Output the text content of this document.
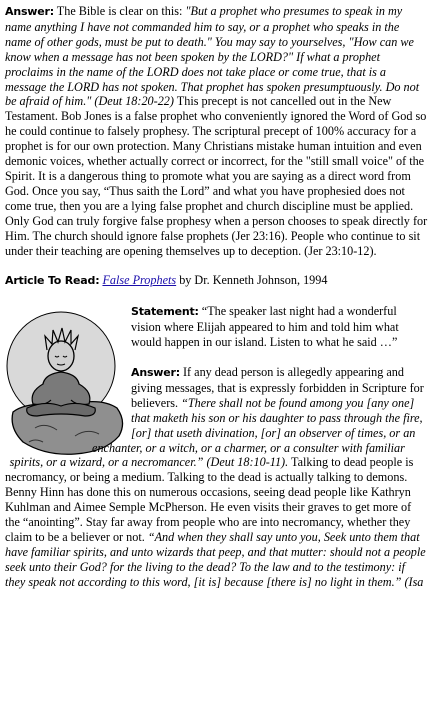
Answer: The Bible is clear on this: "But a prophet who presumes to speak in my name anything I have not commanded him to say, or a prophet who speaks in the name of other gods, must be put to death." You may say to yourselves, "How can we know when a message has not been spoken by the LORD?" If what a prophet proclaims in the name of the LORD does not take place or come true, that is a message the LORD has not spoken. That prophet has spoken presumptuously. Do not be afraid of him." (Deut 18:20-22) This precept is not cancelled out in the New Testament. Bob Jones is a false prophet who conveniently ignored the Word of God so he could continue to falsely prophesy. The scriptural precept of 100% accuracy for a prophet is for our own protection. Many Christians mistake human intuition and even demonic voices, whether actually correct or incorrect, for the "still small voice" of the Spirit. It is a dangerous thing to promote what you are saying as a direct word from God. Once you say, “Thus saith the Lord” and what you have prophesied does not come true, then you are a lying false prophet and church discipline must be applied. Only God can truly forgive false prophesy when a person chooses to speak directly for Him. The church should ignore false prophets (Jer 23:16). People who continue to sit under their teaching are opening themselves up to deception. (Jer 23:10-12).

Article To Read: False Prophets by Dr. Kenneth Johnson, 1994

Statement: “The speaker last night had a wonderful vision where Elijah appeared to him and told him what would happen in our island. Listen to what he said …”

Answer: If any dead person is allegedly appearing and giving messages, that is expressly forbidden in Scripture for believers. “There shall not be found among you [any one] that maketh his son or his daughter to pass through the fire, [or] that useth divination, [or] an observer of times, or an enchanter, or a witch, or a charmer, or a consulter with familiar spirits, or a wizard, or a necromancer.” (Deut 18:10-11). Talking to dead people is necromancy, or being a medium. Talking to the dead is actually talking to demons. Benny Hinn has done this on numerous occasions, seeing dead people like Kathryn Kuhlman and Aimee Semple McPherson. He even visits their graves to get more of the “anointing”. Stay far away from people who are into necromancy, whether they claim to be a believer or not. “And when they shall say unto you, Seek unto them that have familiar spirits, and unto wizards that peep, and that mutter: should not a people seek unto their God? for the living to the dead? To the law and to the testimony: if they speak not according to this word, [it is] because [there is] no light in them.” (Isa
